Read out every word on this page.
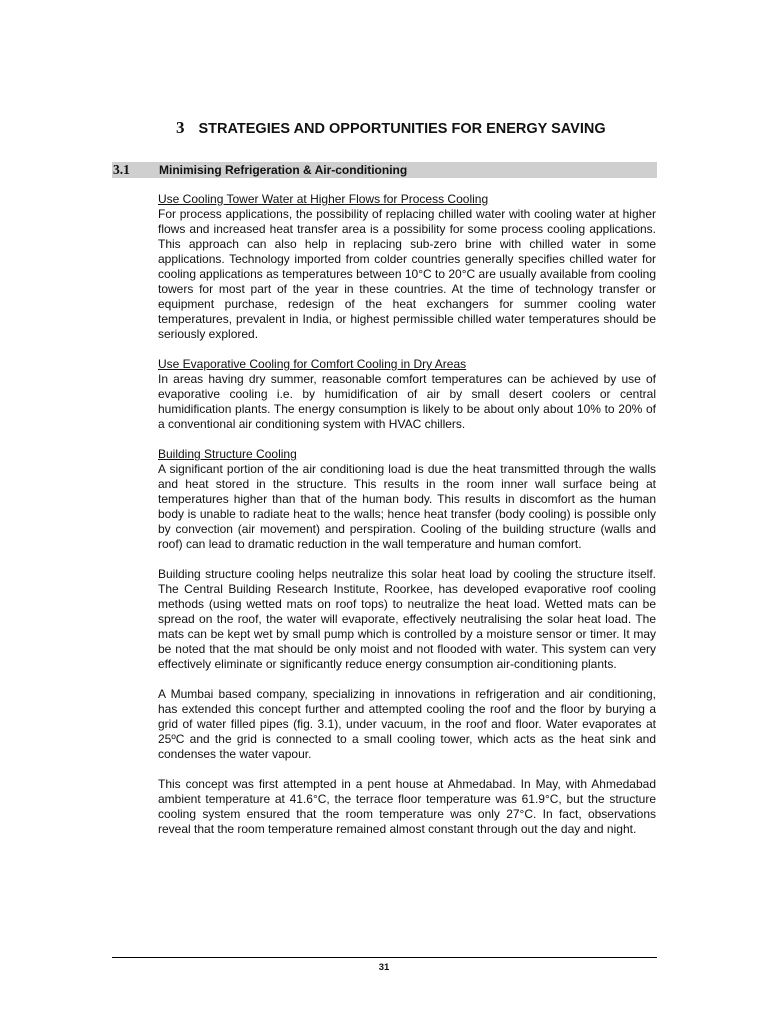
3 STRATEGIES AND OPPORTUNITIES FOR ENERGY SAVING
3.1 Minimising Refrigeration & Air-conditioning

Use Cooling Tower Water at Higher Flows for Process Cooling

For process applications, the possibility of replacing chilled water with cooling water at higher flows and increased heat transfer area is a possibility for some process cooling applications. This approach can also help in replacing sub-zero brine with chilled water in some applications. Technology imported from colder countries generally specifies chilled water for cooling applications as temperatures between 10°C to 20°C are usually available from cooling towers for most part of the year in these countries. At the time of technology transfer or equipment purchase, redesign of the heat exchangers for summer cooling water temperatures, prevalent in India, or highest permissible chilled water temperatures should be seriously explored.

Use Evaporative Cooling for Comfort Cooling in Dry Areas

In areas having dry summer, reasonable comfort temperatures can be achieved by use of evaporative cooling i.e. by humidification of air by small desert coolers or central humidification plants. The energy consumption is likely to be about only about 10% to 20% of a conventional air conditioning system with HVAC chillers.

Building Structure Cooling

A significant portion of the air conditioning load is due the heat transmitted through the walls and heat stored in the structure. This results in the room inner wall surface being at temperatures higher than that of the human body. This results in discomfort as the human body is unable to radiate heat to the walls; hence heat transfer (body cooling) is possible only by convection (air movement) and perspiration. Cooling of the building structure (walls and roof) can lead to dramatic reduction in the wall temperature and human comfort.

Building structure cooling helps neutralize this solar heat load by cooling the structure itself. The Central Building Research Institute, Roorkee, has developed evaporative roof cooling methods (using wetted mats on roof tops) to neutralize the heat load. Wetted mats can be spread on the roof, the water will evaporate, effectively neutralising the solar heat load. The mats can be kept wet by small pump which is controlled by a moisture sensor or timer. It may be noted that the mat should be only moist and not flooded with water. This system can very effectively eliminate or significantly reduce energy consumption air-conditioning plants.

A Mumbai based company, specializing in innovations in refrigeration and air conditioning, has extended this concept further and attempted cooling the roof and the floor by burying a grid of water filled pipes (fig. 3.1), under vacuum, in the roof and floor. Water evaporates at 25ºC and the grid is connected to a small cooling tower, which acts as the heat sink and condenses the water vapour.

This concept was first attempted in a pent house at Ahmedabad. In May, with Ahmedabad ambient temperature at 41.6°C, the terrace floor temperature was 61.9°C, but the structure cooling system ensured that the room temperature was only 27°C. In fact, observations reveal that the room temperature remained almost constant through out the day and night.

31
